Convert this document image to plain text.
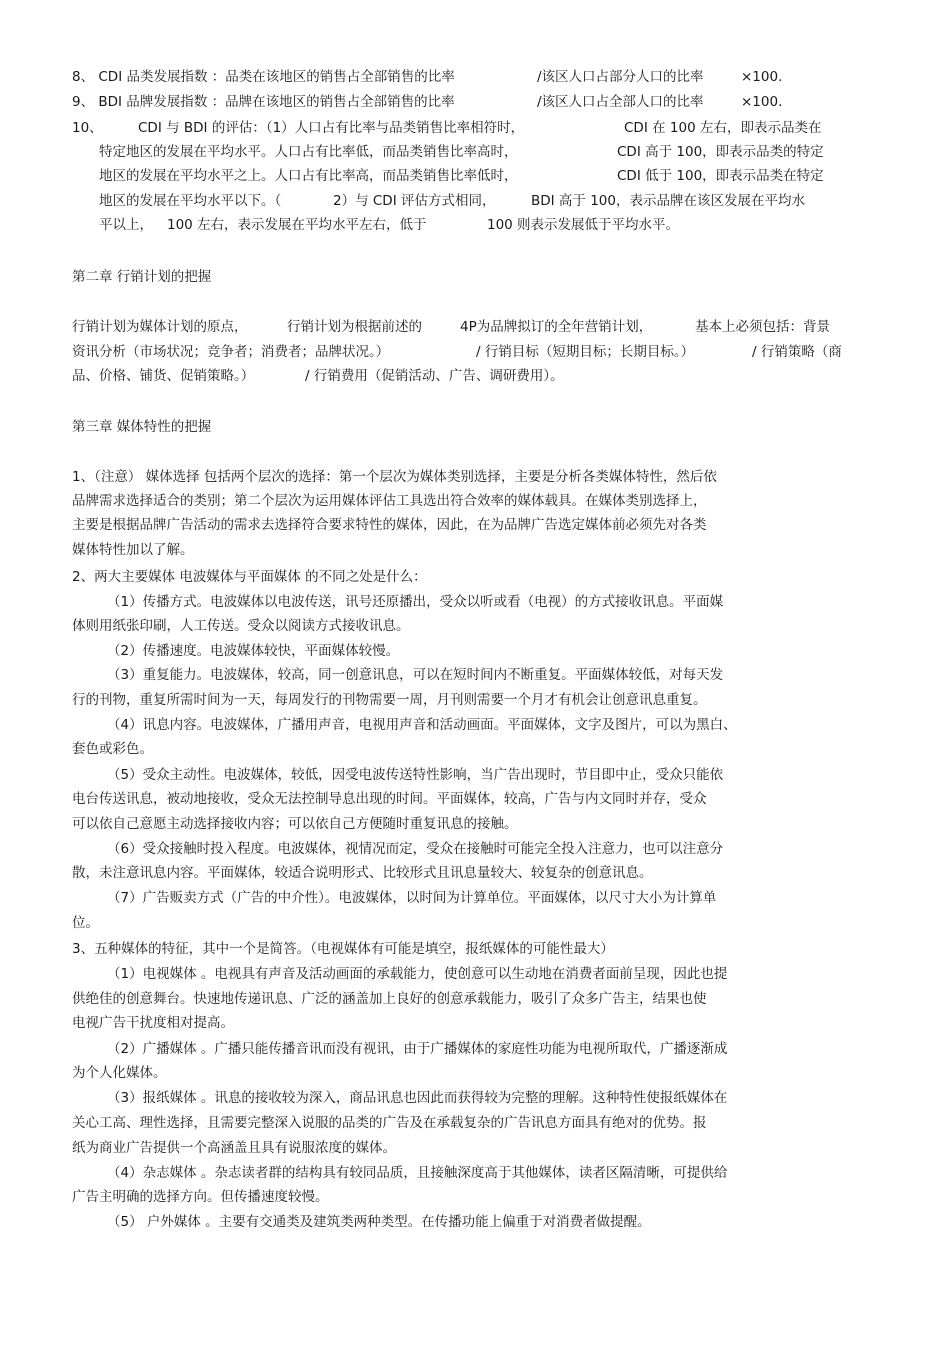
8、 CDI 品类发展指数 ：品类在该地区的销售占全部销售的比率	/该区人口占部分人口的比率	×100.
9、 BDI 品牌发展指数 ：品牌在该地区的销售占全部销售的比率	/该区人口占全部人口的比率	×100.
10、	CDI 与 BDI 的评估：（1）人口占有比率与品类销售比率相符时，	CDI 在 100 左右，即表示品类在
特定地区的发展在平均水平。人口占有比率低，而品类销售比率高时，	CDI 高于 100，即表示品类的特定
地区的发展在平均水平之上。人口占有比率高，而品类销售比率低时，	CDI 低于 100，即表示品类在特定
地区的发展在平均水平以下。（	2）与 CDI 评估方式相同，	BDI 高于 100，表示品牌在该区发展在平均水
平以上， 100 左右，表示发展在平均水平左右，低于	100 则表示发展低于平均水平。
第二章 行销计划的把握
行销计划为媒体计划的原点，	行销计划为根据前述的	4P为品牌拟订的全年营销计划，	基本上必须包括：背景
资讯分析（市场状况；竞争者；消费者；品牌状况。）	/ 行销目标（短期目标；长期目标。）	/ 行销策略（商
品、价格、铺货、促销策略。）	/ 行销费用（促销活动、广告、调研费用）。
第三章 媒体特性的把握
1、（注意） 媒体选择 包括两个层次的选择：第一个层次为媒体类别选择，主要是分析各类媒体特性，然后依
品牌需求选择适合的类别；第二个层次为运用媒体评估工具选出符合效率的媒体载具。在媒体类别选择上，
主要是根据品牌广告活动的需求去选择符合要求特性的媒体，因此，在为品牌广告选定媒体前必须先对各类
媒体特性加以了解。
2、两大主要媒体 电波媒体与平面媒体 的不同之处是什么：
（1）传播方式。电波媒体以电波传送，讯号还原播出，受众以听或看（电视）的方式接收讯息。平面媒
体则用纸张印刷，人工传送。受众以阅读方式接收讯息。
（2）传播速度。电波媒体较快，平面媒体较慢。
（3）重复能力。电波媒体，较高，同一创意讯息，可以在短时间内不断重复。平面媒体较低，对每天发
行的刊物，重复所需时间为一天，每周发行的刊物需要一周，月刊则需要一个月才有机会让创意讯息重复。
（4）讯息内容。电波媒体，广播用声音，电视用声音和活动画面。平面媒体，文字及图片，可以为黑白、
套色或彩色。
（5）受众主动性。电波媒体，较低，因受电波传送特性影响，当广告出现时，节目即中止，受众只能依
电台传送讯息，被动地接收，受众无法控制导息出现的时间。平面媒体，较高，广告与内文同时并存，受众
可以依自己意愿主动选择接收内容；可以依自己方便随时重复讯息的接触。
（6）受众接触时投入程度。电波媒体，视情况而定，受众在接触时可能完全投入注意力，也可以注意分
散，未注意讯息内容。平面媒体，较适合说明形式、比较形式且讯息量较大、较复杂的创意讯息。
（7）广告贩卖方式（广告的中介性）。电波媒体，以时间为计算单位。平面媒体，以尺寸大小为计算单
位。
3、五种媒体的特征，其中一个是简答。（电视媒体有可能是填空，报纸媒体的可能性最大）
（1）电视媒体 。电视具有声音及活动画面的承载能力，使创意可以生动地在消费者面前呈现，因此也提
供绝佳的创意舞台。快速地传递讯息、广泛的涵盖加上良好的创意承载能力，吸引了众多广告主，结果也使
电视广告干扰度相对提高。
（2）广播媒体 。广播只能传播音讯而没有视讯，由于广播媒体的家庭性功能为电视所取代，广播逐渐成
为个人化媒体。
（3）报纸媒体 。讯息的接收较为深入，商品讯息也因此而获得较为完整的理解。这种特性使报纸媒体在
关心工高、理性选择，且需要完整深入说服的品类的广告及在承载复杂的广告讯息方面具有绝对的优势。报
纸为商业广告提供一个高涵盖且具有说服浓度的媒体。
（4）杂志媒体 。杂志读者群的结构具有较同品质，且接触深度高于其他媒体，读者区隔清晰，可提供给
广告主明确的选择方向。但传播速度较慢。
（5） 户外媒体 。主要有交通类及建筑类两种类型。在传播功能上偏重于对消费者做提醒。
